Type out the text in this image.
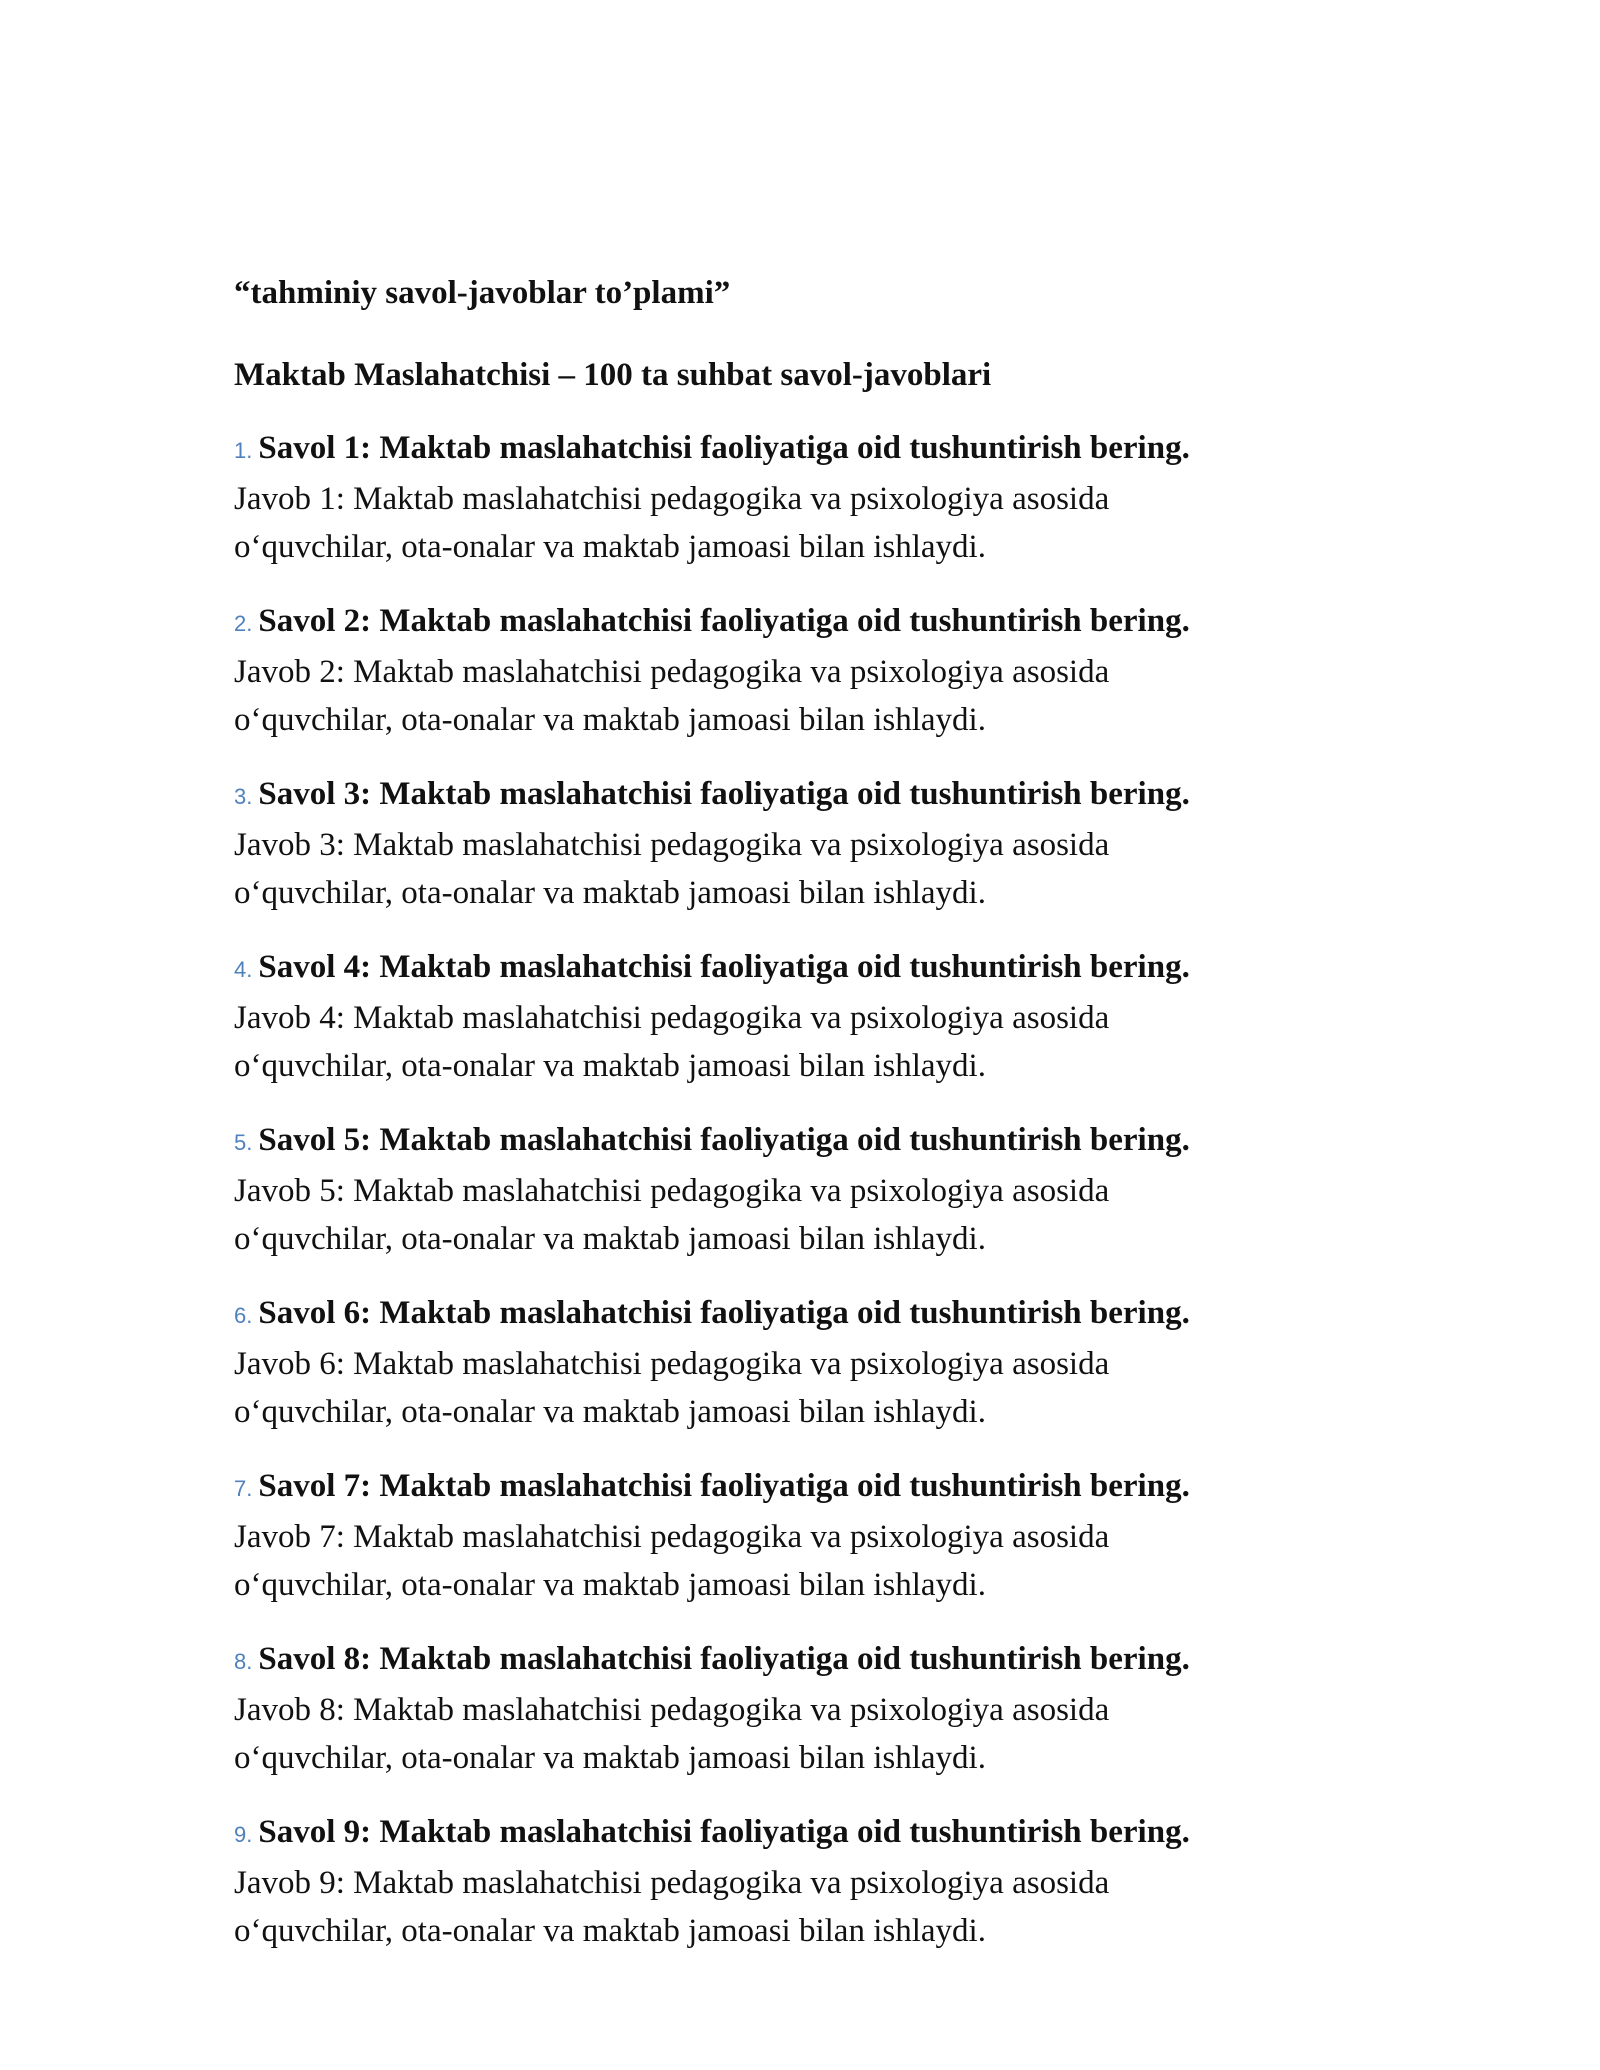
“tahminiy savol-javoblar to’plami”
Maktab Maslahatchisi – 100 ta suhbat savol-javoblari
1. Savol 1: Maktab maslahatchisi faoliyatiga oid tushuntirish bering.
Javob 1: Maktab maslahatchisi pedagogika va psixologiya asosida
o‘quvchilar, ota-onalar va maktab jamoasi bilan ishlaydi.
2. Savol 2: Maktab maslahatchisi faoliyatiga oid tushuntirish bering.
Javob 2: Maktab maslahatchisi pedagogika va psixologiya asosida
o‘quvchilar, ota-onalar va maktab jamoasi bilan ishlaydi.
3. Savol 3: Maktab maslahatchisi faoliyatiga oid tushuntirish bering.
Javob 3: Maktab maslahatchisi pedagogika va psixologiya asosida
o‘quvchilar, ota-onalar va maktab jamoasi bilan ishlaydi.
4. Savol 4: Maktab maslahatchisi faoliyatiga oid tushuntirish bering.
Javob 4: Maktab maslahatchisi pedagogika va psixologiya asosida
o‘quvchilar, ota-onalar va maktab jamoasi bilan ishlaydi.
5. Savol 5: Maktab maslahatchisi faoliyatiga oid tushuntirish bering.
Javob 5: Maktab maslahatchisi pedagogika va psixologiya asosida
o‘quvchilar, ota-onalar va maktab jamoasi bilan ishlaydi.
6. Savol 6: Maktab maslahatchisi faoliyatiga oid tushuntirish bering.
Javob 6: Maktab maslahatchisi pedagogika va psixologiya asosida
o‘quvchilar, ota-onalar va maktab jamoasi bilan ishlaydi.
7. Savol 7: Maktab maslahatchisi faoliyatiga oid tushuntirish bering.
Javob 7: Maktab maslahatchisi pedagogika va psixologiya asosida
o‘quvchilar, ota-onalar va maktab jamoasi bilan ishlaydi.
8. Savol 8: Maktab maslahatchisi faoliyatiga oid tushuntirish bering.
Javob 8: Maktab maslahatchisi pedagogika va psixologiya asosida
o‘quvchilar, ota-onalar va maktab jamoasi bilan ishlaydi.
9. Savol 9: Maktab maslahatchisi faoliyatiga oid tushuntirish bering.
Javob 9: Maktab maslahatchisi pedagogika va psixologiya asosida
o‘quvchilar, ota-onalar va maktab jamoasi bilan ishlaydi.
